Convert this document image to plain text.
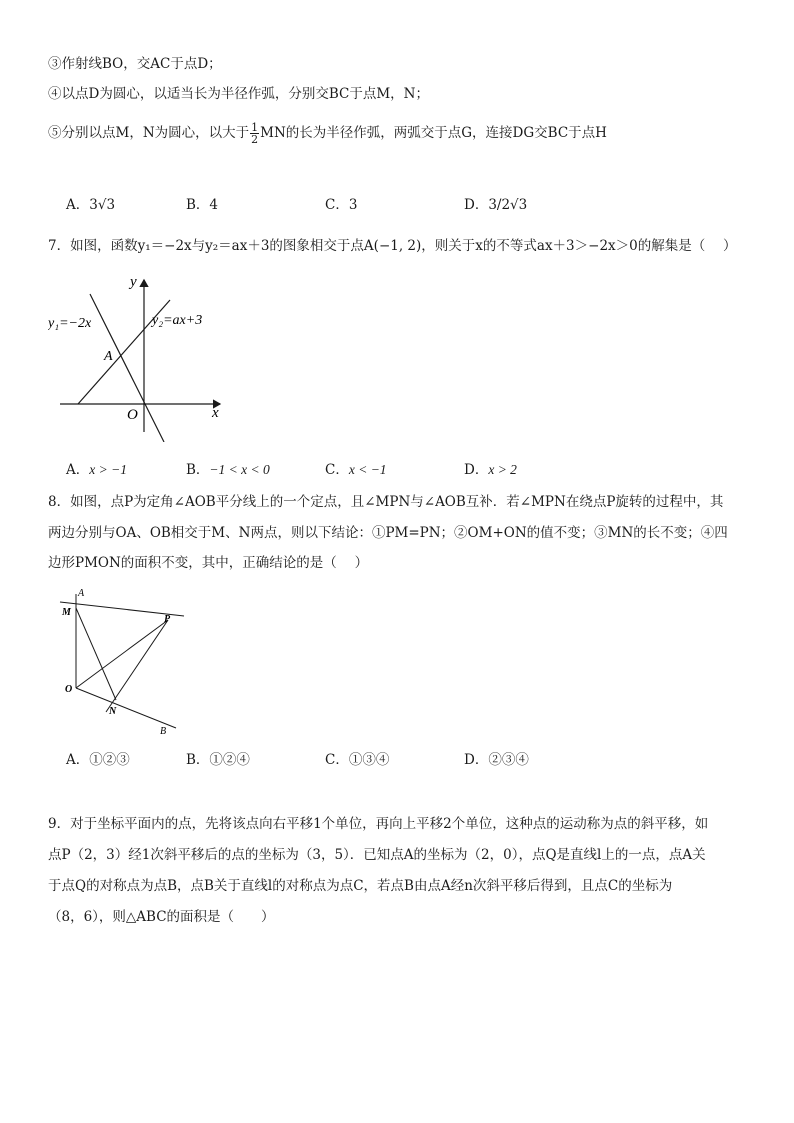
③作射线BO，交AC于点D；
④以点D为圆心，以适当长为半径作弧，分别交BC于点M，N；
⑤分别以点M，N为圆心，以大于 $\frac{1}{2}$ MN的长为半径作弧，两弧交于点G，连接DG交BC于点H
A．3√3	B．4	C．3	D．3/2√3
7．如图，函数y₁＝−2x与y₂＝ax＋3的图象相交于点A(−1, 2)，则关于x的不等式ax＋3＞−2x＞0的解集是（　 ）
y
x
O
A
y₁=−2x	y₂=ax+3
A．x > −1	B．−1 < x < 0	C．x < −1	D．x > 2
8．如图，点P为定角∠AOB平分线上的一个定点，且∠MPN与∠AOB互补．若∠MPN在绕点P旋转的过程中，其
两边分别与OA、OB相交于M、N两点，则以下结论：①PM=PN；②OM+ON的值不变；③MN的长不变；④四
边形PMON的面积不变，其中，正确结论的是（　 ）
A
M
P
O
N
B
A．①②③	B．①②④	C．①③④	D．②③④
9．对于坐标平面内的点，先将该点向右平移1个单位，再向上平移2个单位，这种点的运动称为点的斜平移，如
点P（2，3）经1次斜平移后的点的坐标为（3，5）．已知点A的坐标为（2，0），点Q是直线l上的一点，点A关
于点Q的对称点为点B，点B关于直线l的对称点为点C，若点B由点A经n次斜平移后得到，且点C的坐标为
（8，6），则△ABC的面积是（　　）
